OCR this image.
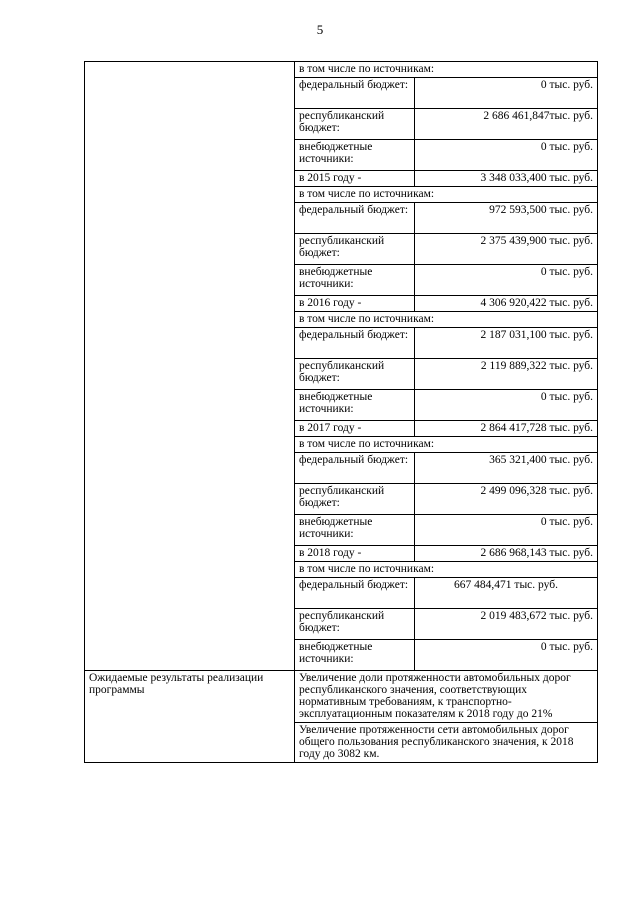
5
	в том числе по источникам:	
	федеральный бюджет:	0 тыс. руб.
	республиканский бюджет:	2 686 461,847тыс. руб.
	внебюджетные источники:	0 тыс. руб.
	в 2015 году -	3 348 033,400 тыс. руб.
	в том числе по источникам:	
	федеральный бюджет:	972 593,500 тыс. руб.
	республиканский бюджет:	2 375 439,900 тыс. руб.
	внебюджетные источники:	0 тыс. руб.
	в 2016 году -	4 306 920,422 тыс. руб.
	в том числе по источникам:	
	федеральный бюджет:	2 187 031,100 тыс. руб.
	республиканский бюджет:	2 119 889,322 тыс. руб.
	внебюджетные источники:	0 тыс. руб.
	в 2017 году -	2 864 417,728 тыс. руб.
	в том числе по источникам:	
	федеральный бюджет:	365 321,400 тыс. руб.
	республиканский бюджет:	2 499 096,328 тыс. руб.
	внебюджетные источники:	0 тыс. руб.
	в 2018 году -	2 686 968,143 тыс. руб.
	в том числе по источникам:	
	федеральный бюджет:	667 484,471 тыс. руб.
	республиканский бюджет:	2 019 483,672 тыс. руб.
	внебюджетные источники:	0 тыс. руб.
Ожидаемые результаты реализации программы	Увеличение доли протяженности автомобильных дорог республиканского значения, соответствующих нормативным требованиям, к транспортно-эксплуатационным показателям к 2018 году до 21%	
	Увеличение протяженности сети автомобильных дорог общего пользования республиканского значения, к 2018 году до 3082 км.	
